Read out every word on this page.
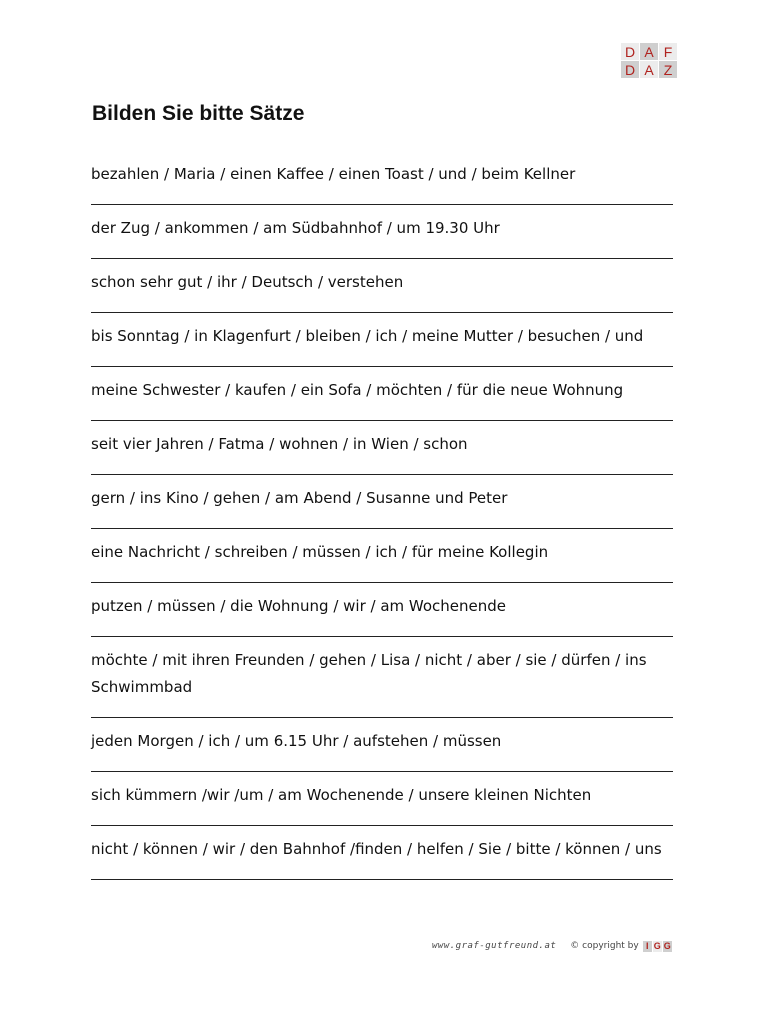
D A F
D A Z
Bilden Sie bitte Sätze
bezahlen / Maria / einen Kaffee / einen Toast / und / beim Kellner
der Zug / ankommen / am Südbahnhof / um 19.30 Uhr
schon sehr gut / ihr / Deutsch / verstehen
bis Sonntag / in Klagenfurt / bleiben / ich / meine Mutter / besuchen / und
meine Schwester / kaufen / ein Sofa / möchten / für die neue Wohnung
seit vier Jahren / Fatma / wohnen / in Wien / schon
gern / ins Kino / gehen / am Abend / Susanne und Peter
eine Nachricht / schreiben / müssen / ich / für meine Kollegin
putzen / müssen / die Wohnung / wir / am Wochenende
möchte / mit ihren Freunden / gehen / Lisa / nicht / aber / sie / dürfen / ins Schwimmbad
jeden Morgen / ich / um 6.15 Uhr / aufstehen / müssen
sich kümmern /wir /um / am Wochenende / unsere kleinen Nichten
nicht / können / wir / den Bahnhof /finden / helfen / Sie / bitte / können / uns
www.graf-gutfreund.at © copyright by I G G
